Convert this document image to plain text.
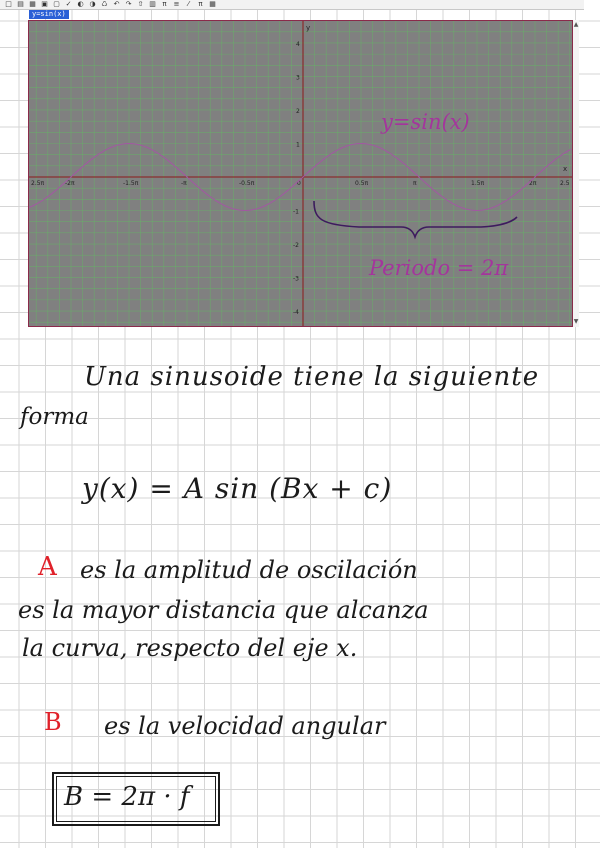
□ ▤ ▦ ▣ ▢ ✓ ◐ ◑ ♺ ↶ ↷ ⇧ ▥ π ≡	⁄	π ▦
y=sin(x)
2.5π	-2π	-1.5π	-π	-0.5π	0	0.5π	π	1.5π	2π	2.5
4
3
2
1
-1
-2
-3
-4
x
y
y=sin(x)
Periodo = 2π
▲
▼
Una sinusoide tiene la siguiente
forma
y(x) = A sin (Bx + c)
A es la amplitud de oscilación
es la mayor distancia que alcanza
la curva, respecto del eje x.
B es la velocidad angular
B = 2π · f
